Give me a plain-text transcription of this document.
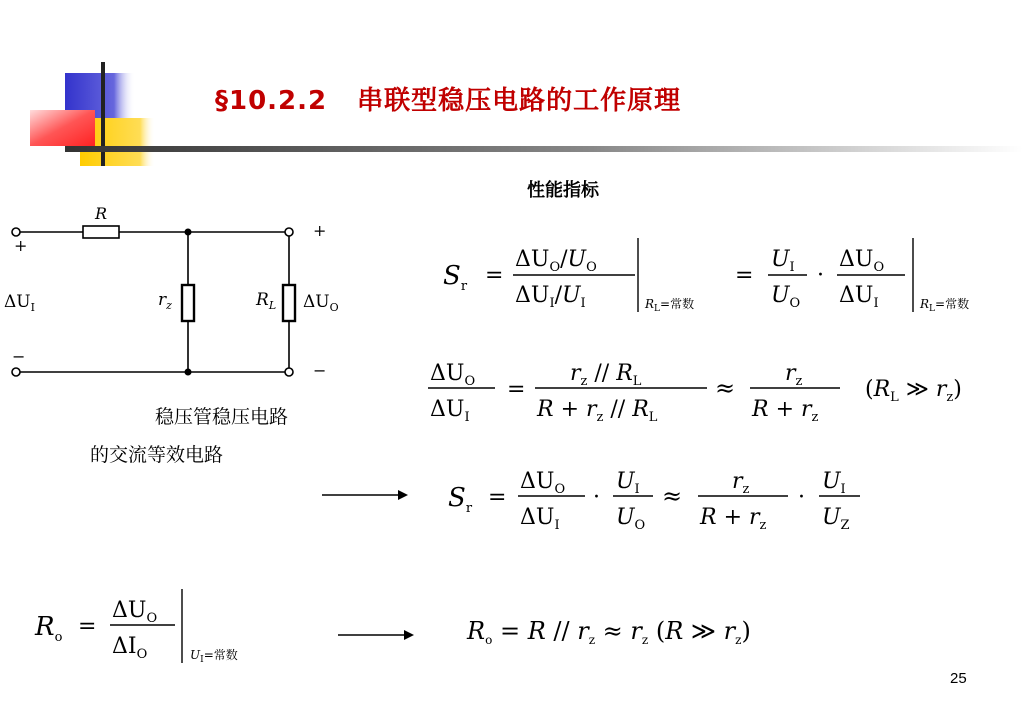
§10.2.2 串联型稳压电路的工作原理
性能指标
R
+
−
+
−
$\Delta U_I$	$r_z$	$R_L$ $\Delta U_O$
稳压管稳压电路
的交流等效电路
$S_r$ =
$\Delta U_O/U_O$
$\Delta U_I/U_I$	$R_L=$常数
=
$U_I$
$U_O$
·
$\Delta U_O$
$\Delta U_I$	$R_L=$常数
$\Delta U_O$
$\Delta U_I$
=
$r_z // R_L$
$R + r_z // R_L$
≈
$r_z$
$R + r_z$
($R_L$ ≫ $r_z$)
$S_r$ =
$\Delta U_O$
$\Delta U_I$
·
$U_I$
$U_O$
≈
$r_z$
$R + r_z$
·
$U_I$
$U_Z$
$R_o$ =
$\Delta U_O$
$\Delta I_O$	$U_I=$常数
$R_o = R // r_z \approx r_z$ (R ≫ $r_z$)
25
